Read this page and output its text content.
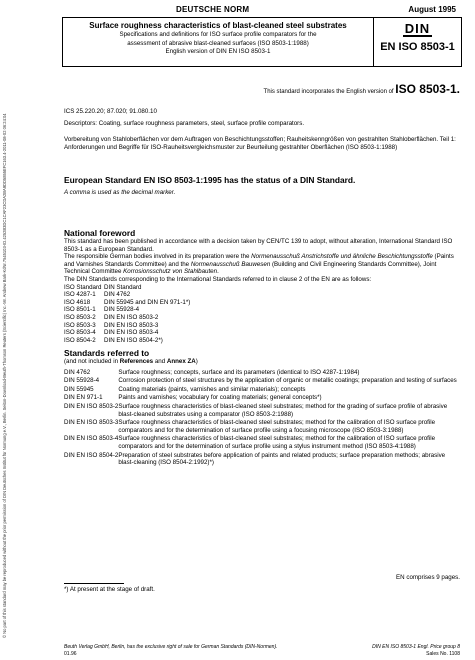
© No part of this standard may be reproduced without the prior permission of DIN Deutsches Institut für Normung e.V., Berlin. Seiton-Download-Beuth-Thomson Reuters (Scientific) Inc.-Mr. Andrew Bark-KdNr.7545103-ID.4252B3DC1CAF23CDA2BA9DD5855EFC163.4-2011-08-02 06:24:04
DEUTSCHE NORM	August 1995
Surface roughness characteristics of blast-cleaned steel substrates
Specifications and definitions for ISO surface profile comparators for the
assessment of abrasive blast-cleaned surfaces (ISO 8503-1:1988)
English version of DIN EN ISO 8503-1
DIN
EN ISO 8503-1
This standard incorporates the English version of ISO 8503-1.
ICS 25.220.20; 87.020; 91.080.10
Descriptors: Coating, surface roughness parameters, steel, surface profile comparators.
Vorbereitung von Stahloberflächen vor dem Auftragen von Beschichtungsstoffen; Rauheitskenngrößen von gestrahlten Stahloberflächen. Teil 1: Anforderungen und Begriffe für ISO-Rauheitsvergleichsmuster zur Beurteilung gestrahlter Oberflächen (ISO 8503-1:1988)
European Standard EN ISO 8503-1:1995 has the status of a DIN Standard.
A comma is used as the decimal marker.
National foreword

This standard has been published in accordance with a decision taken by CEN/TC 139 to adopt, without alteration, International Standard ISO 8503-1 as a European Standard.

The responsible German bodies involved in its preparation were the Normenausschuß Anstrichstoffe und ähnliche Beschichtungsstoffe (Paints and Varnishes Standards Committee) and the Normenausschuß Bauwesen (Building and Civil Engineering Standards Committee), Joint Technical Committee Korrosionsschutz von Stahlbauten.

The DIN Standards corresponding to the International Standards referred to in clause 2 of the EN are as follows:

ISO Standard	DIN Standard
ISO 4287-1	DIN 4762
ISO 4618	DIN 55945 and DIN EN 971-1*)
ISO 8501-1	DIN 55928-4
ISO 8503-2	DIN EN ISO 8503-2
ISO 8503-3	DIN EN ISO 8503-3
ISO 8503-4	DIN EN ISO 8503-4
ISO 8504-2	DIN EN ISO 8504-2*)
Standards referred to
(and not included in References and Annex ZA)
DIN 4762	Surface roughness; concepts, surface and its parameters (identical to ISO 4287-1:1984)
DIN 55928-4	Corrosion protection of steel structures by the application of organic or metallic coatings; preparation and testing of surfaces
DIN 55945	Coating materials (paints, varnishes and similar materials); concepts
DIN EN 971-1	Paints and varnishes; vocabulary for coating materials; general concepts*)
DIN EN ISO 8503-2	Surface roughness characteristics of blast-cleaned steel substrates; method for the grading of surface profile of abrasive blast-cleaned substrates using a comparator (ISO 8503-2:1988)
DIN EN ISO 8503-3	Surface roughness characteristics of blast-cleaned steel substrates; method for the calibration of ISO surface profile comparators and for the determination of surface profile using a focusing microscope (ISO 8503-3:1988)
DIN EN ISO 8503-4	Surface roughness characteristics of blast-cleaned steel substrates; method for the calibration of ISO surface profile comparators and for the determination of surface profile using a stylus instrument method (ISO 8503-4:1988)
DIN EN ISO 8504-2	Preparation of steel substrates before application of paints and related products; surface preparation methods; abrasive blast-cleaning (ISO 8504-2:1992)*)
EN comprises 9 pages.
*) At present at the stage of draft.
Beuth Verlag GmbH, Berlin, has the exclusive right of sale for German Standards (DIN-Normen).	DIN EN ISO 8503-1 Engl. Price group 8
01.96	Sales No. 1108
